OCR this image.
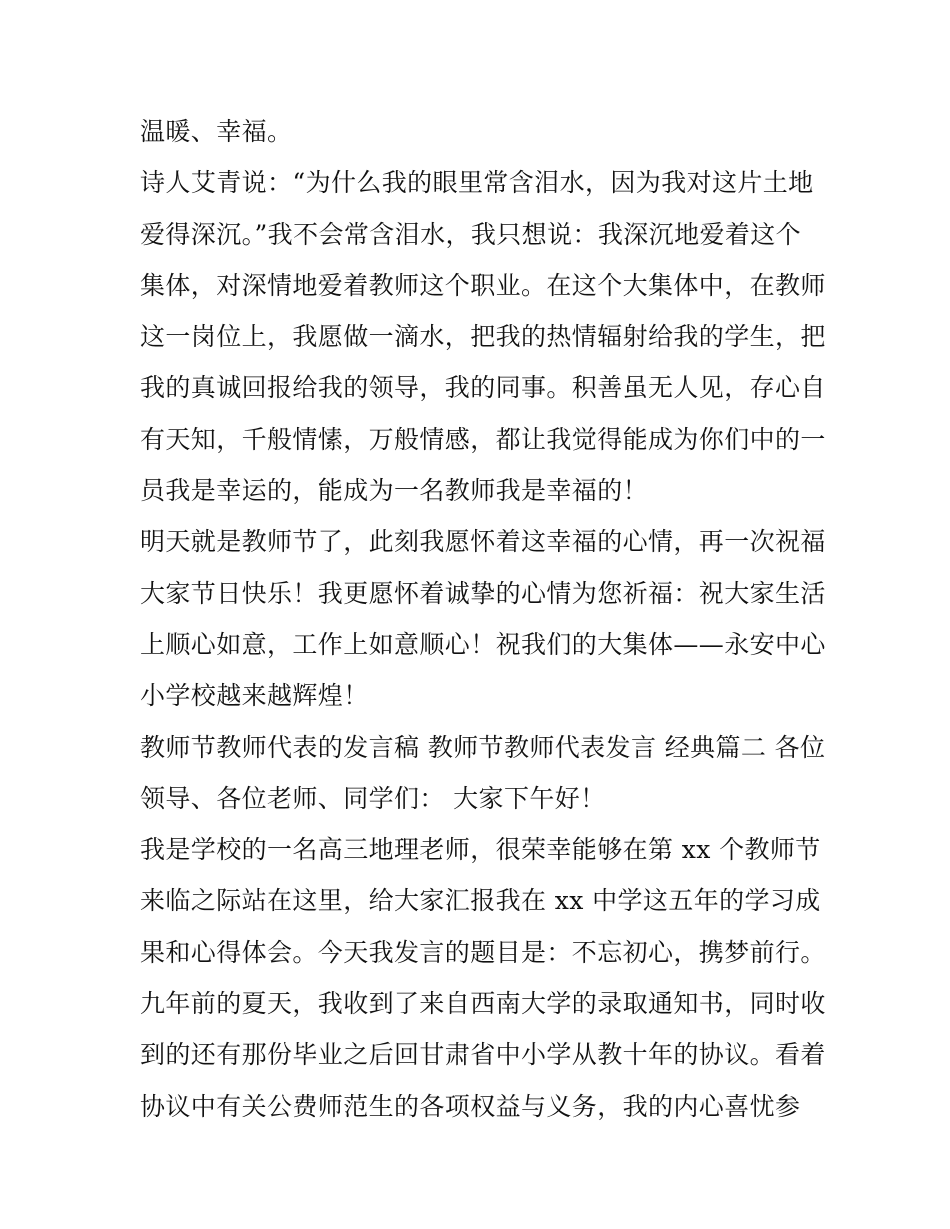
温暖、幸福。
诗人艾青说：“为什么我的眼里常含泪水，因为我对这片土地
爱得深沉。”我不会常含泪水，我只想说：我深沉地爱着这个
集体，对深情地爱着教师这个职业。在这个大集体中，在教师
这一岗位上，我愿做一滴水，把我的热情辐射给我的学生，把
我的真诚回报给我的领导，我的同事。积善虽无人见，存心自
有天知，千般情愫，万般情感，都让我觉得能成为你们中的一
员我是幸运的，能成为一名教师我是幸福的！
明天就是教师节了，此刻我愿怀着这幸福的心情，再一次祝福
大家节日快乐！我更愿怀着诚挚的心情为您祈福：祝大家生活
上顺心如意，工作上如意顺心！祝我们的大集体——永安中心
小学校越来越辉煌！
教师节教师代表的发言稿 教师节教师代表发言 经典篇二 各位
领导、各位老师、同学们： 大家下午好！
我是学校的一名高三地理老师，很荣幸能够在第 xx 个教师节
来临之际站在这里，给大家汇报我在 xx 中学这五年的学习成
果和心得体会。今天我发言的题目是：不忘初心，携梦前行。
九年前的夏天，我收到了来自西南大学的录取通知书，同时收
到的还有那份毕业之后回甘肃省中小学从教十年的协议。看着
协议中有关公费师范生的各项权益与义务，我的内心喜忧参
